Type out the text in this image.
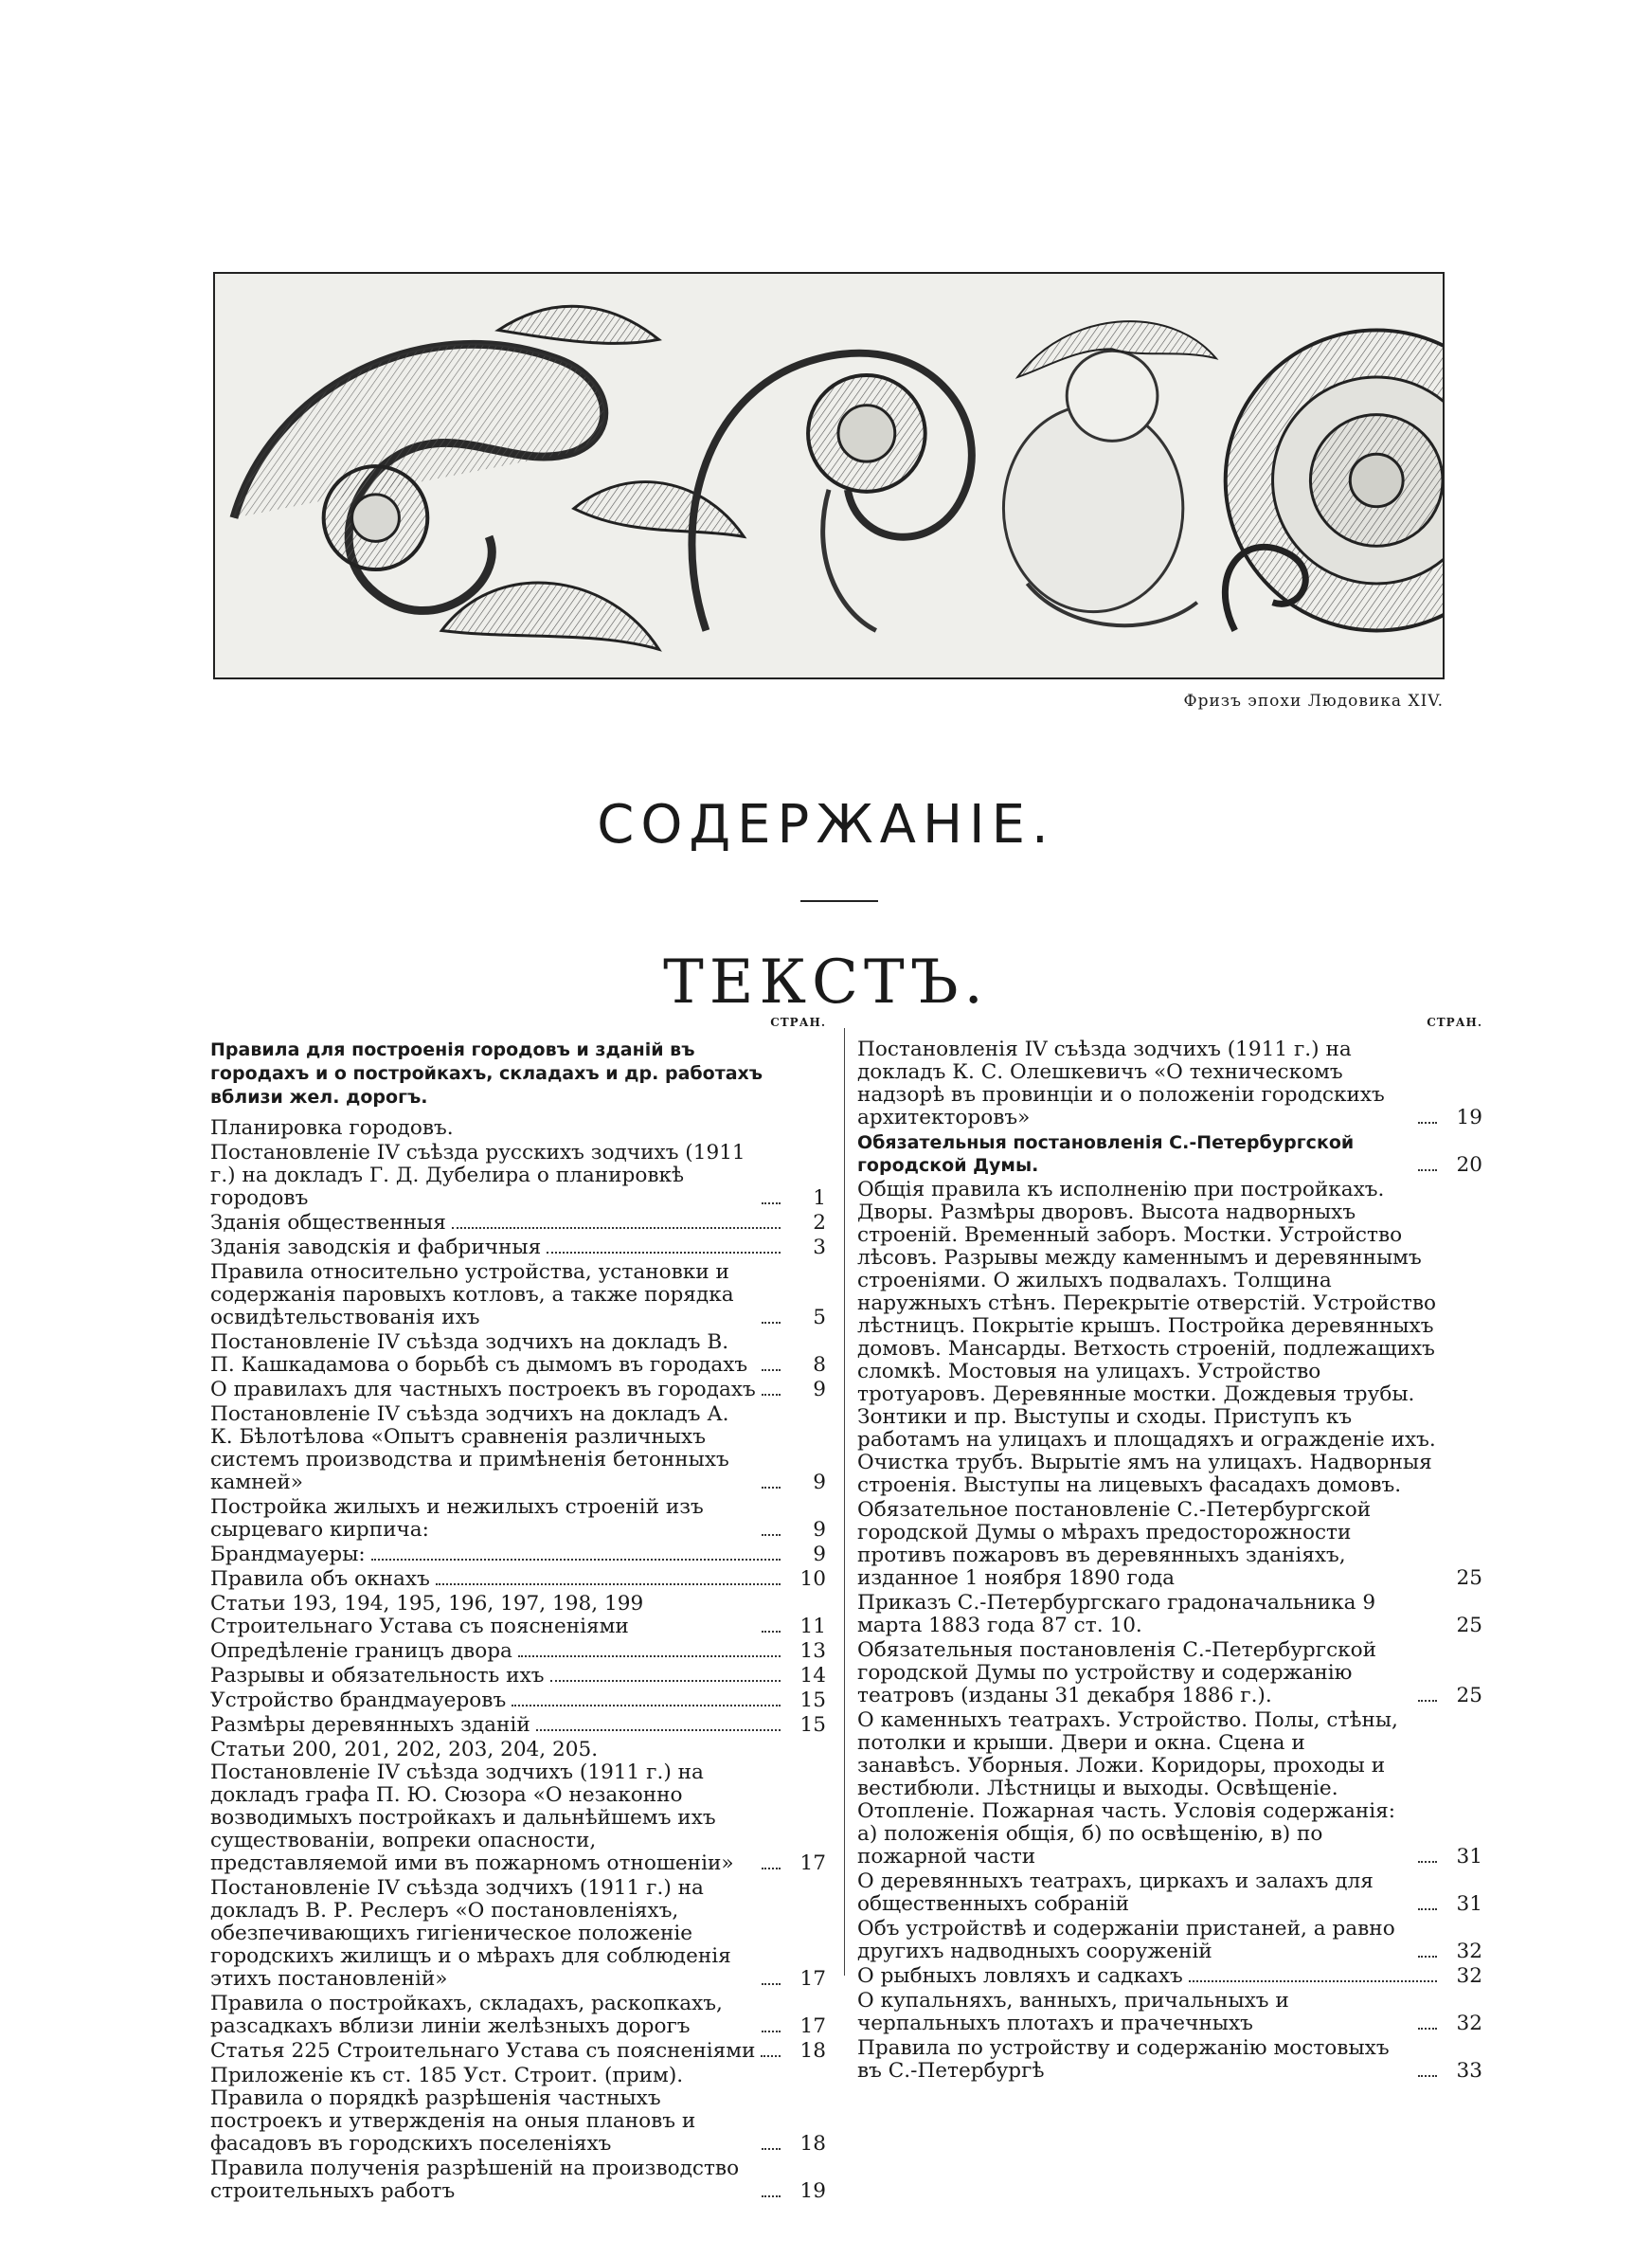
Фризъ эпохи Людовика XIV.
СОДЕРЖАНІЕ.
ТЕКСТЪ.
СТРАН.
Правила для построенія городовъ и зданій въ городахъ и о постройкахъ, складахъ и др. работахъ вблизи жел. дорогъ.
Планировка городовъ.
Постановленіе IV съѣзда русскихъ зодчихъ (1911 г.) на докладъ Г. Д. Дубелира о планировкѣ городовъ	1
Зданія общественныя	2
Зданія заводскія и фабричныя	3
Правила относительно устройства, установки и содержанія паровыхъ котловъ, а также порядка освидѣтельствованія ихъ	5
Постановленіе IV съѣзда зодчихъ на докладъ В. П. Кашкадамова о борьбѣ съ дымомъ въ городахъ	8
О правилахъ для частныхъ построекъ въ городахъ	9
Постановленіе IV съѣзда зодчихъ на докладъ А. К. Бѣлотѣлова «Опытъ сравненія различныхъ системъ производства и примѣненія бетонныхъ камней»	9
Постройка жилыхъ и нежилыхъ строеній изъ сырцеваго кирпича:	9
Брандмауеры:	9
Правила объ окнахъ	10
Статьи 193, 194, 195, 196, 197, 198, 199 Строительнаго Устава съ поясненіями	11
Опредѣленіе границъ двора	13
Разрывы и обязательность ихъ	14
Устройство брандмауеровъ	15
Размѣры деревянныхъ зданій	15
Статьи 200, 201, 202, 203, 204, 205. Постановленіе IV съѣзда зодчихъ (1911 г.) на докладъ графа П. Ю. Сюзора «О незаконно возводимыхъ постройкахъ и дальнѣйшемъ ихъ существованіи, вопреки опасности, представляемой ими въ пожарномъ отношеніи»	17
Постановленіе IV съѣзда зодчихъ (1911 г.) на докладъ В. Р. Реслеръ «О постановленіяхъ, обезпечивающихъ гигіеническое положеніе городскихъ жилищъ и о мѣрахъ для соблюденія этихъ постановленій»	17
Правила о постройкахъ, складахъ, раскопкахъ, разсадкахъ вблизи линіи желѣзныхъ дорогъ	17
Статья 225 Строительнаго Устава съ поясненіями	18
Приложеніе къ ст. 185 Уст. Строит. (прим). Правила о порядкѣ разрѣшенія частныхъ построекъ и утвержденія на оныя плановъ и фасадовъ въ городскихъ поселеніяхъ	18
Правила полученія разрѣшеній на производство строительныхъ работъ	19
СТРАН.
Постановленія IV съѣзда зодчихъ (1911 г.) на докладъ К. С. Олешкевичъ «О техническомъ надзорѣ въ провинціи и о положеніи городскихъ архитекторовъ»	19
Обязательныя постановленія С.-Петербургской городской Думы.	20
Общія правила къ исполненію при постройкахъ. Дворы. Размѣры дворовъ. Высота надворныхъ строеній. Временный заборъ. Мостки. Устройство лѣсовъ. Разрывы между каменнымъ и деревяннымъ строеніями. О жилыхъ подвалахъ. Толщина наружныхъ стѣнъ. Перекрытіе отверстій. Устройство лѣстницъ. Покрытіе крышъ. Постройка деревянныхъ домовъ. Мансарды. Ветхость строеній, подлежащихъ сломкѣ. Мостовыя на улицахъ. Устройство тротуаровъ. Деревянные мостки. Дождевыя трубы. Зонтики и пр. Выступы и сходы. Приступъ къ работамъ на улицахъ и площадяхъ и огражденіе ихъ. Очистка трубъ. Вырытіе ямъ на улицахъ. Надворныя строенія. Выступы на лицевыхъ фасадахъ домовъ.
Обязательное постановленіе С.-Петербургской городской Думы о мѣрахъ предосторожности противъ пожаровъ въ деревянныхъ зданіяхъ, изданное 1 ноября 1890 года	25
Приказъ С.-Петербургскаго градоначальника 9 марта 1883 года 87 ст. 10.	25
Обязательныя постановленія С.-Петербургской городской Думы по устройству и содержанію театровъ (изданы 31 декабря 1886 г.).	25
О каменныхъ театрахъ. Устройство. Полы, стѣны, потолки и крыши. Двери и окна. Сцена и занавѣсъ. Уборныя. Ложи. Коридоры, проходы и вестибюли. Лѣстницы и выходы. Освѣщеніе. Отопленіе. Пожарная часть. Условія содержанія: а) положенія общія, б) по освѣщенію, в) по пожарной части	31
О деревянныхъ театрахъ, циркахъ и залахъ для общественныхъ собраній	31
Объ устройствѣ и содержаніи пристаней, а равно другихъ надводныхъ сооруженій	32
О рыбныхъ ловляхъ и садкахъ	32
О купальняхъ, ванныхъ, причальныхъ и черпальныхъ плотахъ и прачечныхъ	32
Правила по устройству и содержанію мостовыхъ въ С.-Петербургѣ	33
